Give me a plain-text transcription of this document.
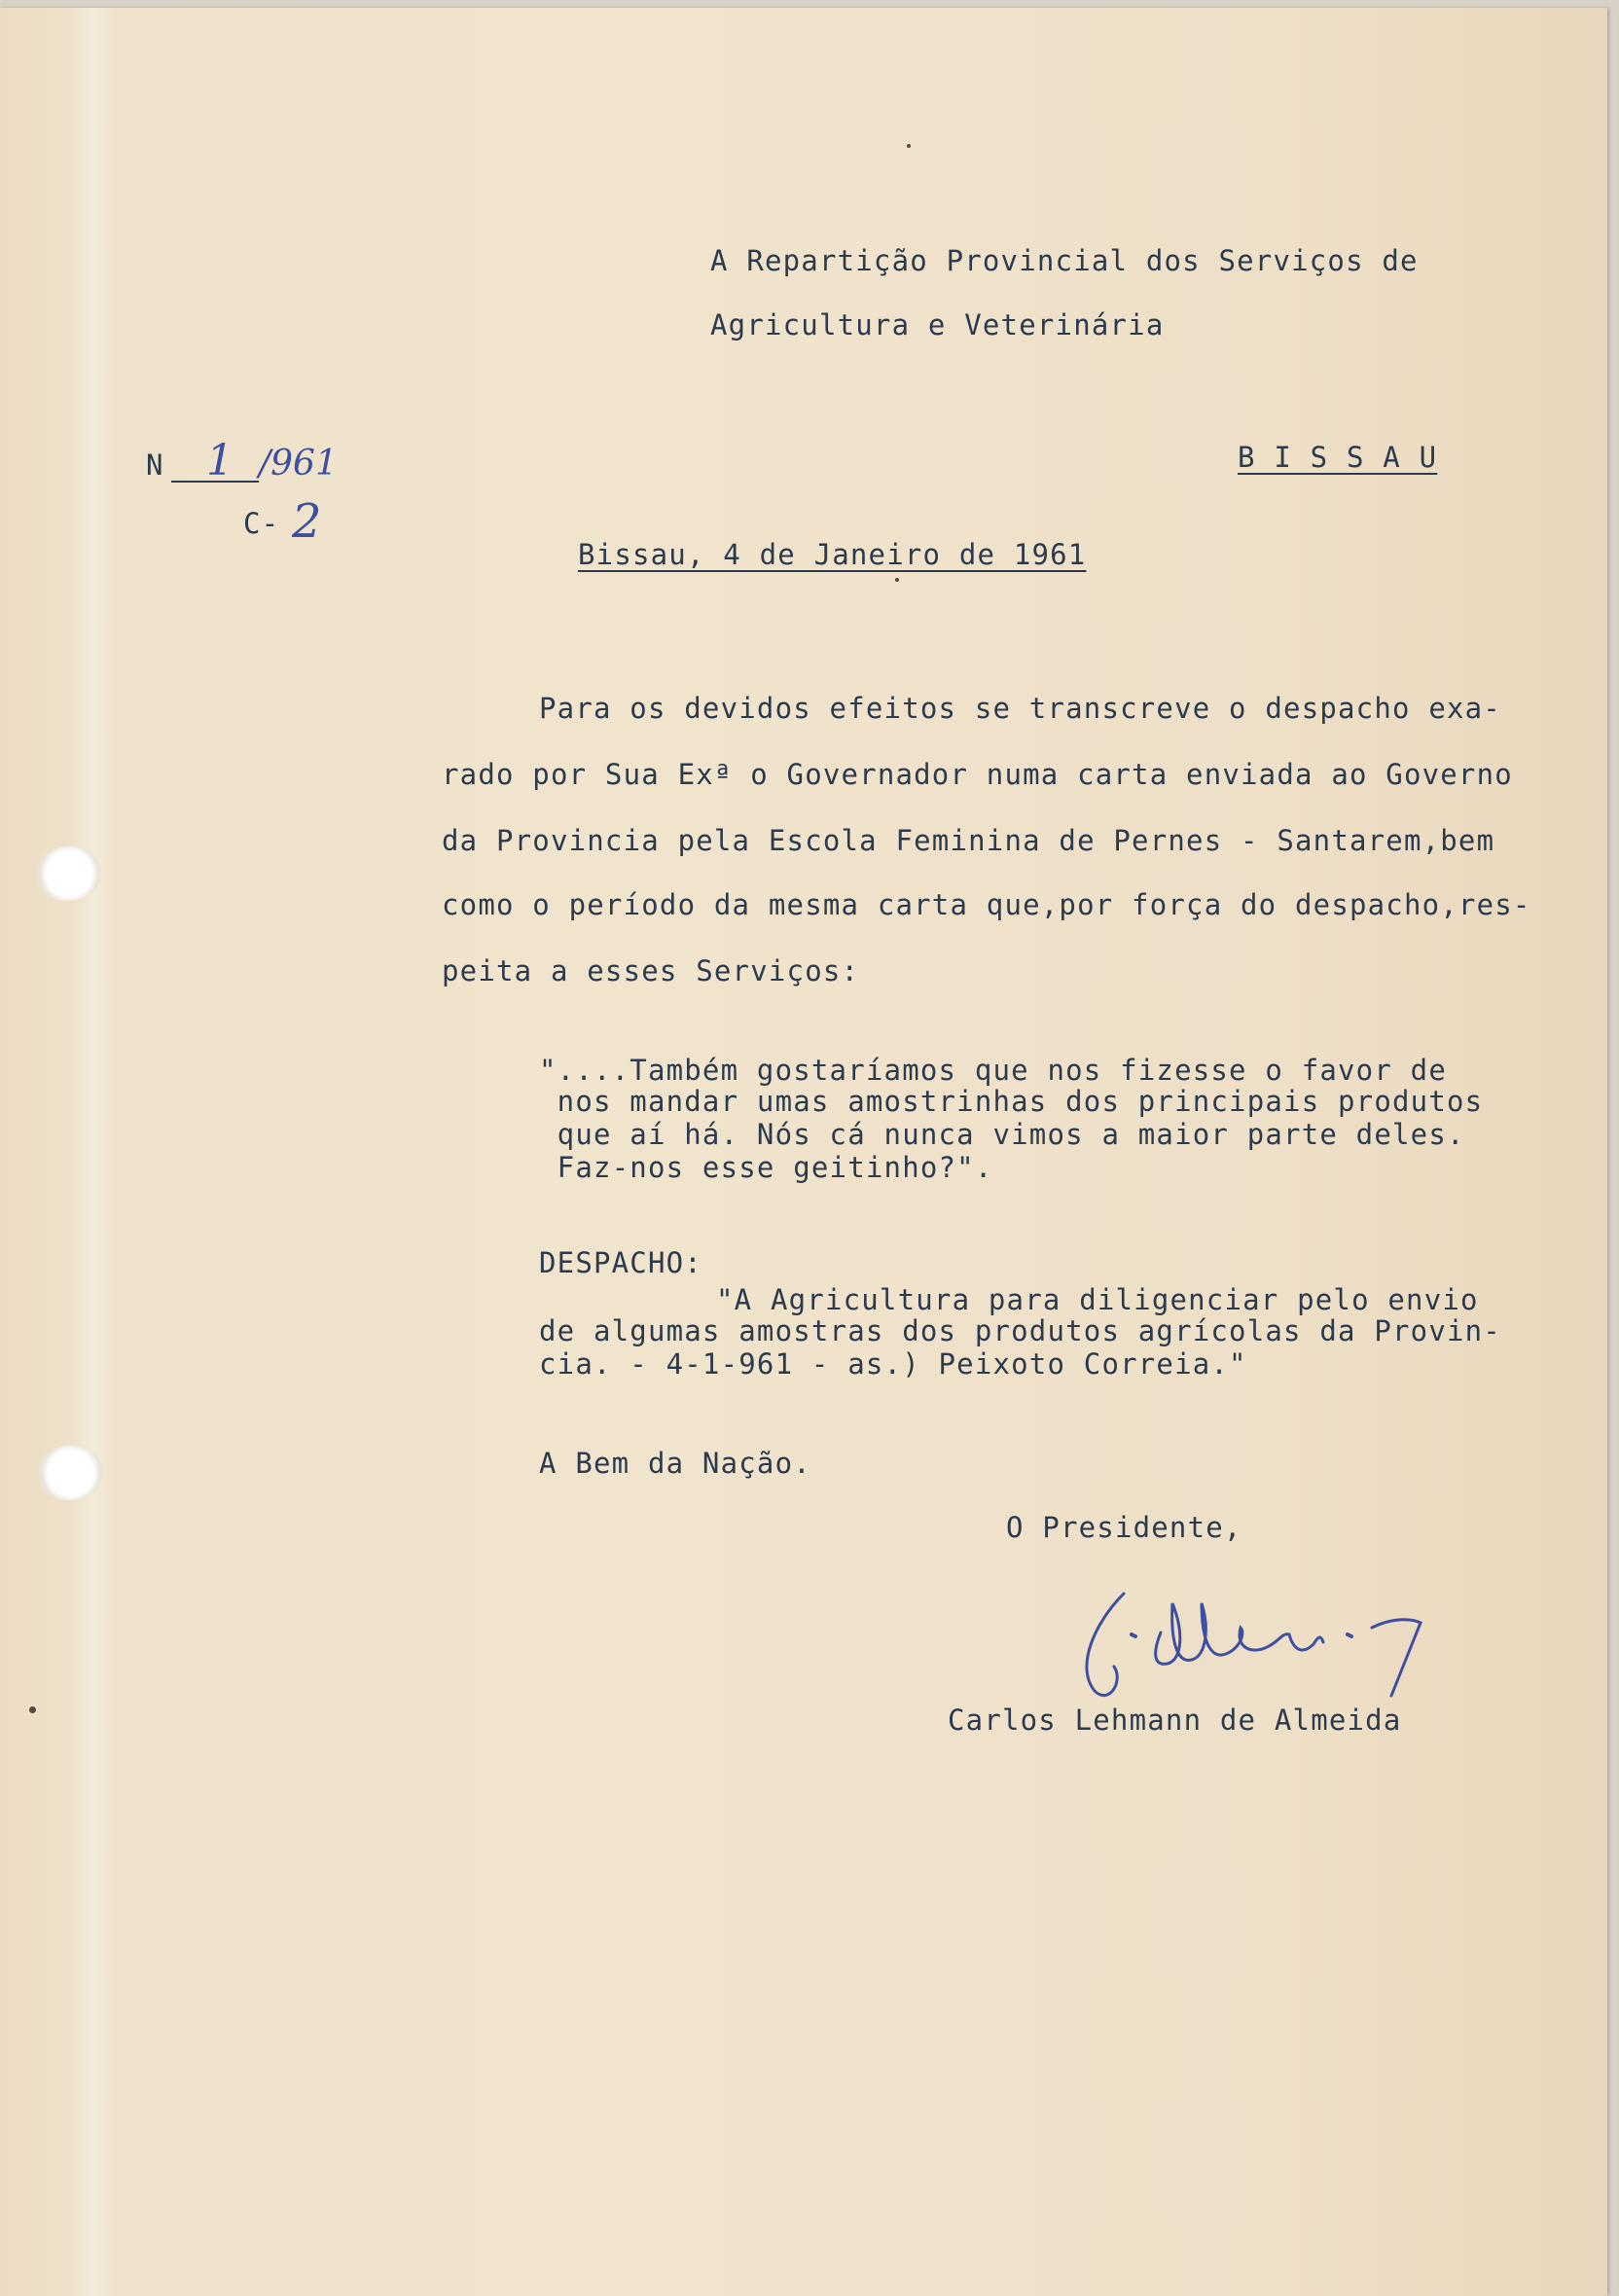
A Repartição Provincial dos Serviços de
Agricultura e Veterinária
B I S S A U
N 1 /961
C- 2
Bissau, 4 de Janeiro de 1961
Para os devidos efeitos se transcreve o despacho exa-
rado por Sua Exª o Governador numa carta enviada ao Governo
da Provincia pela Escola Feminina de Pernes - Santarem,bem
como o período da mesma carta que,por força do despacho,res-
peita a esses Serviços:
"....Também gostaríamos que nos fizesse o favor de
nos mandar umas amostrinhas dos principais produtos
que aí há. Nós cá nunca vimos a maior parte deles.
Faz-nos esse geitinho?".
DESPACHO:
"A Agricultura para diligenciar pelo envio
de algumas amostras dos produtos agrícolas da Provin-
cia. - 4-1-961 - as.) Peixoto Correia."
A Bem da Nação.
O Presidente,
Carlos Lehmann de Almeida
